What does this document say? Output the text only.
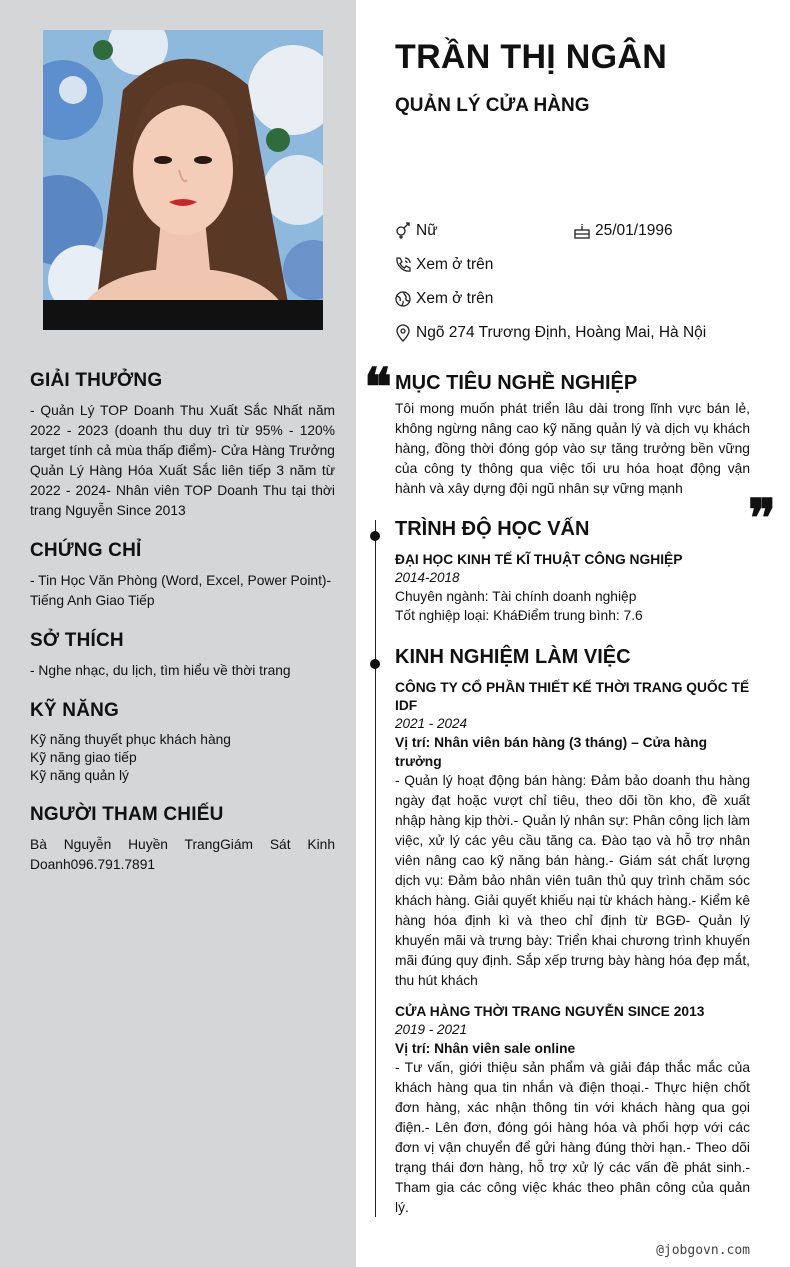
GIẢI THƯỞNG
- Quản Lý TOP Doanh Thu Xuất Sắc Nhất năm 2022 - 2023 (doanh thu duy trì từ 95% - 120% target tính cả mùa thấp điểm)- Cửa Hàng Trưởng Quản Lý Hàng Hóa Xuất Sắc liên tiếp 3 năm từ 2022 - 2024- Nhân viên TOP Doanh Thu tại thời trang Nguyễn Since 2013
CHỨNG CHỈ
- Tin Học Văn Phòng (Word, Excel, Power Point)- Tiếng Anh Giao Tiếp
SỞ THÍCH
- Nghe nhạc, du lịch, tìm hiểu về thời trang
KỸ NĂNG
Kỹ năng thuyết phục khách hàng
Kỹ năng giao tiếp
Kỹ năng quản lý
NGƯỜI THAM CHIẾU
Bà Nguyễn Huyền TrangGiám Sát Kinh Doanh096.791.7891
TRẦN THỊ NGÂN
QUẢN LÝ CỬA HÀNG
Nữ	25/01/1996
Xem ở trên
Xem ở trên
Ngõ 274 Trương Định, Hoàng Mai, Hà Nội
❝
❞
MỤC TIÊU NGHỀ NGHIỆP
Tôi mong muốn phát triển lâu dài trong lĩnh vực bán lẻ, không ngừng nâng cao kỹ năng quản lý và dịch vụ khách hàng, đồng thời đóng góp vào sự tăng trưởng bền vững của công ty thông qua việc tối ưu hóa hoạt động vận hành và xây dựng đội ngũ nhân sự vững mạnh
TRÌNH ĐỘ HỌC VẤN
ĐẠI HỌC KINH TẾ KĨ THUẬT CÔNG NGHIỆP
2014-2018
Chuyên ngành: Tài chính doanh nghiệp
Tốt nghiệp loại: KháĐiểm trung bình: 7.6
KINH NGHIỆM LÀM VIỆC
CÔNG TY CỔ PHẦN THIẾT KẾ THỜI TRANG QUỐC TẾ IDF
2021 - 2024
Vị trí: Nhân viên bán hàng (3 tháng) – Cửa hàng trưởng
- Quản lý hoạt động bán hàng: Đảm bảo doanh thu hàng ngày đạt hoặc vượt chỉ tiêu, theo dõi tồn kho, đề xuất nhập hàng kịp thời.- Quản lý nhân sự: Phân công lịch làm việc, xử lý các yêu cầu tăng ca. Đào tạo và hỗ trợ nhân viên nâng cao kỹ năng bán hàng.- Giám sát chất lượng dịch vụ: Đảm bảo nhân viên tuân thủ quy trình chăm sóc khách hàng. Giải quyết khiếu nại từ khách hàng.- Kiểm kê hàng hóa định kì và theo chỉ định từ BGĐ- Quản lý khuyến mãi và trưng bày: Triển khai chương trình khuyến mãi đúng quy định. Sắp xếp trưng bày hàng hóa đẹp mắt, thu hút khách
CỬA HÀNG THỜI TRANG NGUYỄN SINCE 2013
2019 - 2021
Vị trí: Nhân viên sale online
- Tư vấn, giới thiệu sản phẩm và giải đáp thắc mắc của khách hàng qua tin nhắn và điện thoại.- Thực hiện chốt đơn hàng, xác nhận thông tin với khách hàng qua gọi điện.- Lên đơn, đóng gói hàng hóa và phối hợp với các đơn vị vận chuyển để gửi hàng đúng thời hạn.- Theo dõi trạng thái đơn hàng, hỗ trợ xử lý các vấn đề phát sinh.- Tham gia các công việc khác theo phân công của quản lý.
@jobgovn.com
